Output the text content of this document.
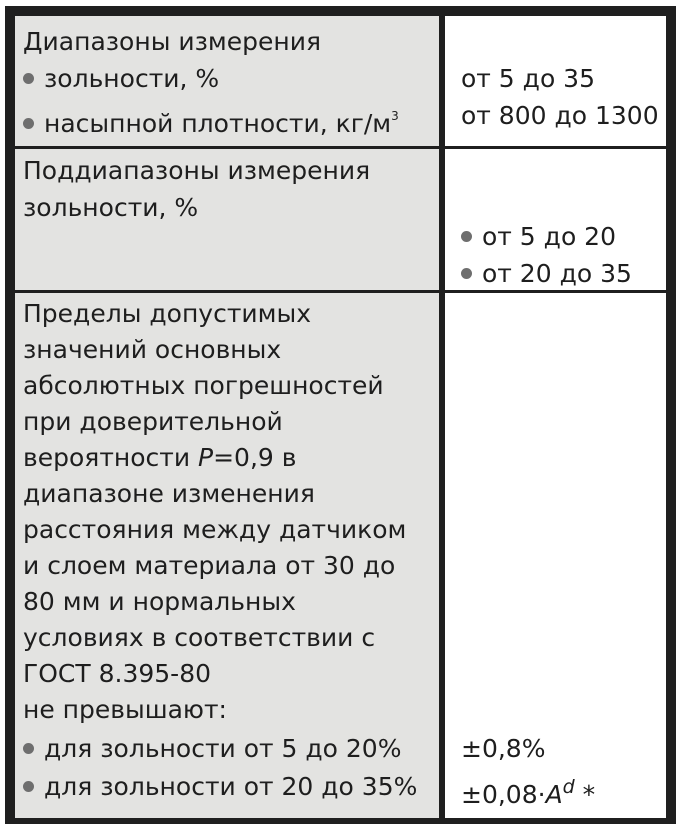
Диапазоны измерения
зольности, %
насыпной плотности, $кг/м^3$
от 5 до 35
от 800 до 1300
Поддиапазоны измерения
зольности, %
от 5 до 20
от 20 до 35
Пределы допустимых
значений основных
абсолютных погрешностей
при доверительной
вероятности P=0,9 в
диапазоне изменения
расстояния между датчиком
и слоем материала от 30 до
80 мм и нормальных
условиях в соответствии с
ГОСТ 8.395-80
не превышают:
для зольности от 5 до 20%
для зольности от 20 до 35%
±0,8%
$\pm 0,08\cdot A^d$ *
